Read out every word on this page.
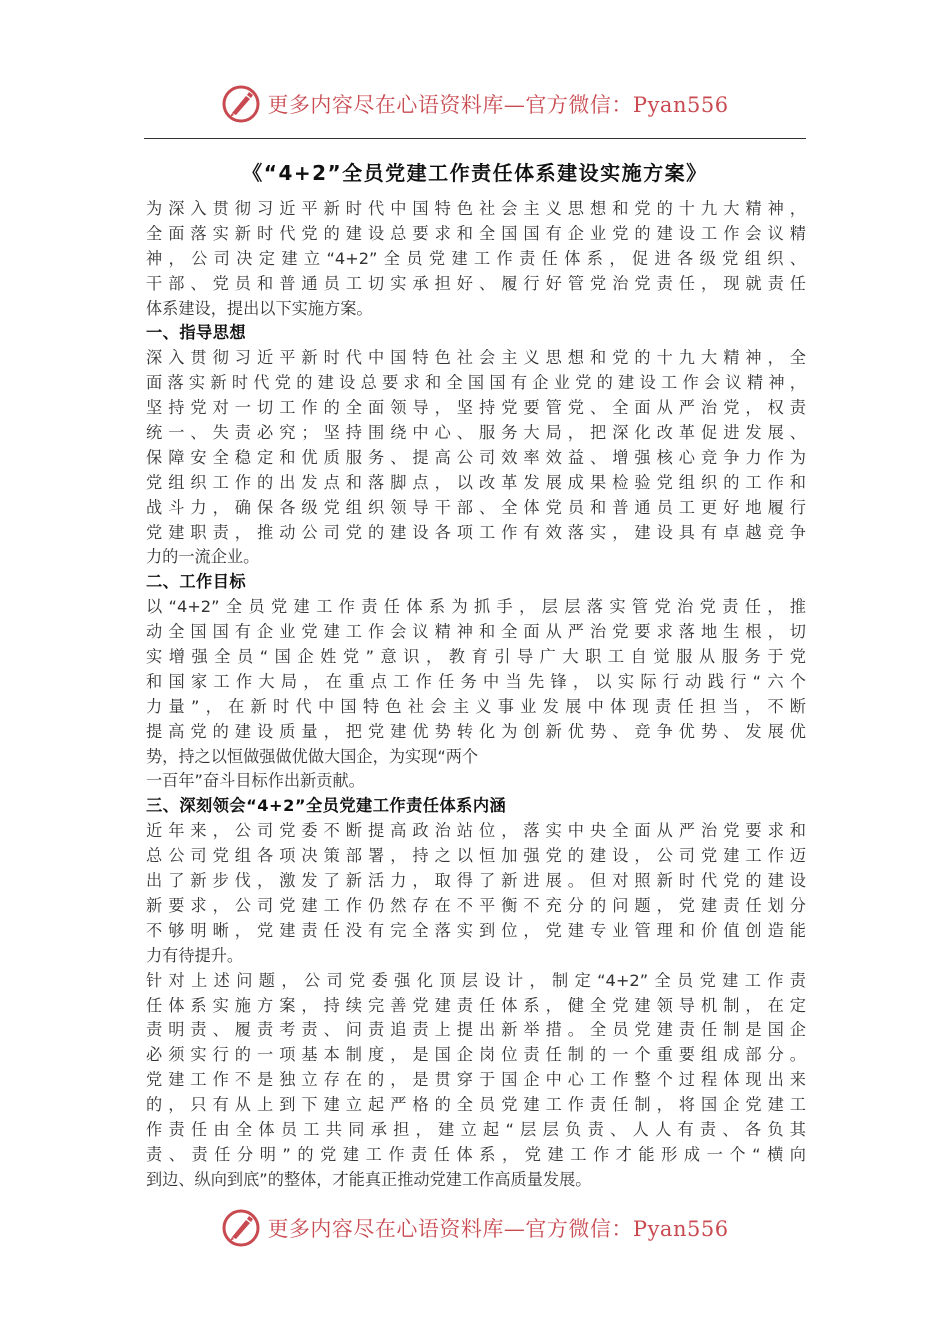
更多内容尽在心语资料库—官方微信：Pyan556
《“4+2”全员党建工作责任体系建设实施方案》
为深入贯彻习近平新时代中国特色社会主义思想和党的十九大精神，
全面落实新时代党的建设总要求和全国国有企业党的建设工作会议精
神，公司决定建立“4+2”全员党建工作责任体系，促进各级党组织、
干部、党员和普通员工切实承担好、履行好管党治党责任，现就责任
体系建设，提出以下实施方案。
一、指导思想
深入贯彻习近平新时代中国特色社会主义思想和党的十九大精神，全
面落实新时代党的建设总要求和全国国有企业党的建设工作会议精神，
坚持党对一切工作的全面领导，坚持党要管党、全面从严治党，权责
统一、失责必究；坚持围绕中心、服务大局，把深化改革促进发展、
保障安全稳定和优质服务、提高公司效率效益、增强核心竞争力作为
党组织工作的出发点和落脚点，以改革发展成果检验党组织的工作和
战斗力，确保各级党组织领导干部、全体党员和普通员工更好地履行
党建职责，推动公司党的建设各项工作有效落实，建设具有卓越竞争
力的一流企业。
二、工作目标
以“4+2”全员党建工作责任体系为抓手，层层落实管党治党责任，推
动全国国有企业党建工作会议精神和全面从严治党要求落地生根，切
实增强全员“国企姓党”意识，教育引导广大职工自觉服从服务于党
和国家工作大局，在重点工作任务中当先锋，以实际行动践行“六个
力量”，在新时代中国特色社会主义事业发展中体现责任担当，不断
提高党的建设质量，把党建优势转化为创新优势、竞争优势、发展优
势，持之以恒做强做优做大国企，为实现“两个
一百年”奋斗目标作出新贡献。
三、深刻领会“4+2”全员党建工作责任体系内涵
近年来，公司党委不断提高政治站位，落实中央全面从严治党要求和
总公司党组各项决策部署，持之以恒加强党的建设，公司党建工作迈
出了新步伐，激发了新活力，取得了新进展。但对照新时代党的建设
新要求，公司党建工作仍然存在不平衡不充分的问题，党建责任划分
不够明晰，党建责任没有完全落实到位，党建专业管理和价值创造能
力有待提升。
针对上述问题，公司党委强化顶层设计，制定“4+2”全员党建工作责
任体系实施方案，持续完善党建责任体系，健全党建领导机制，在定
责明责、履责考责、问责追责上提出新举措。全员党建责任制是国企
必须实行的一项基本制度，是国企岗位责任制的一个重要组成部分。
党建工作不是独立存在的，是贯穿于国企中心工作整个过程体现出来
的，只有从上到下建立起严格的全员党建工作责任制，将国企党建工
作责任由全体员工共同承担，建立起“层层负责、人人有责、各负其
责、责任分明”的党建工作责任体系，党建工作才能形成一个“横向
到边、纵向到底”的整体，才能真正推动党建工作高质量发展。
更多内容尽在心语资料库—官方微信：Pyan556
